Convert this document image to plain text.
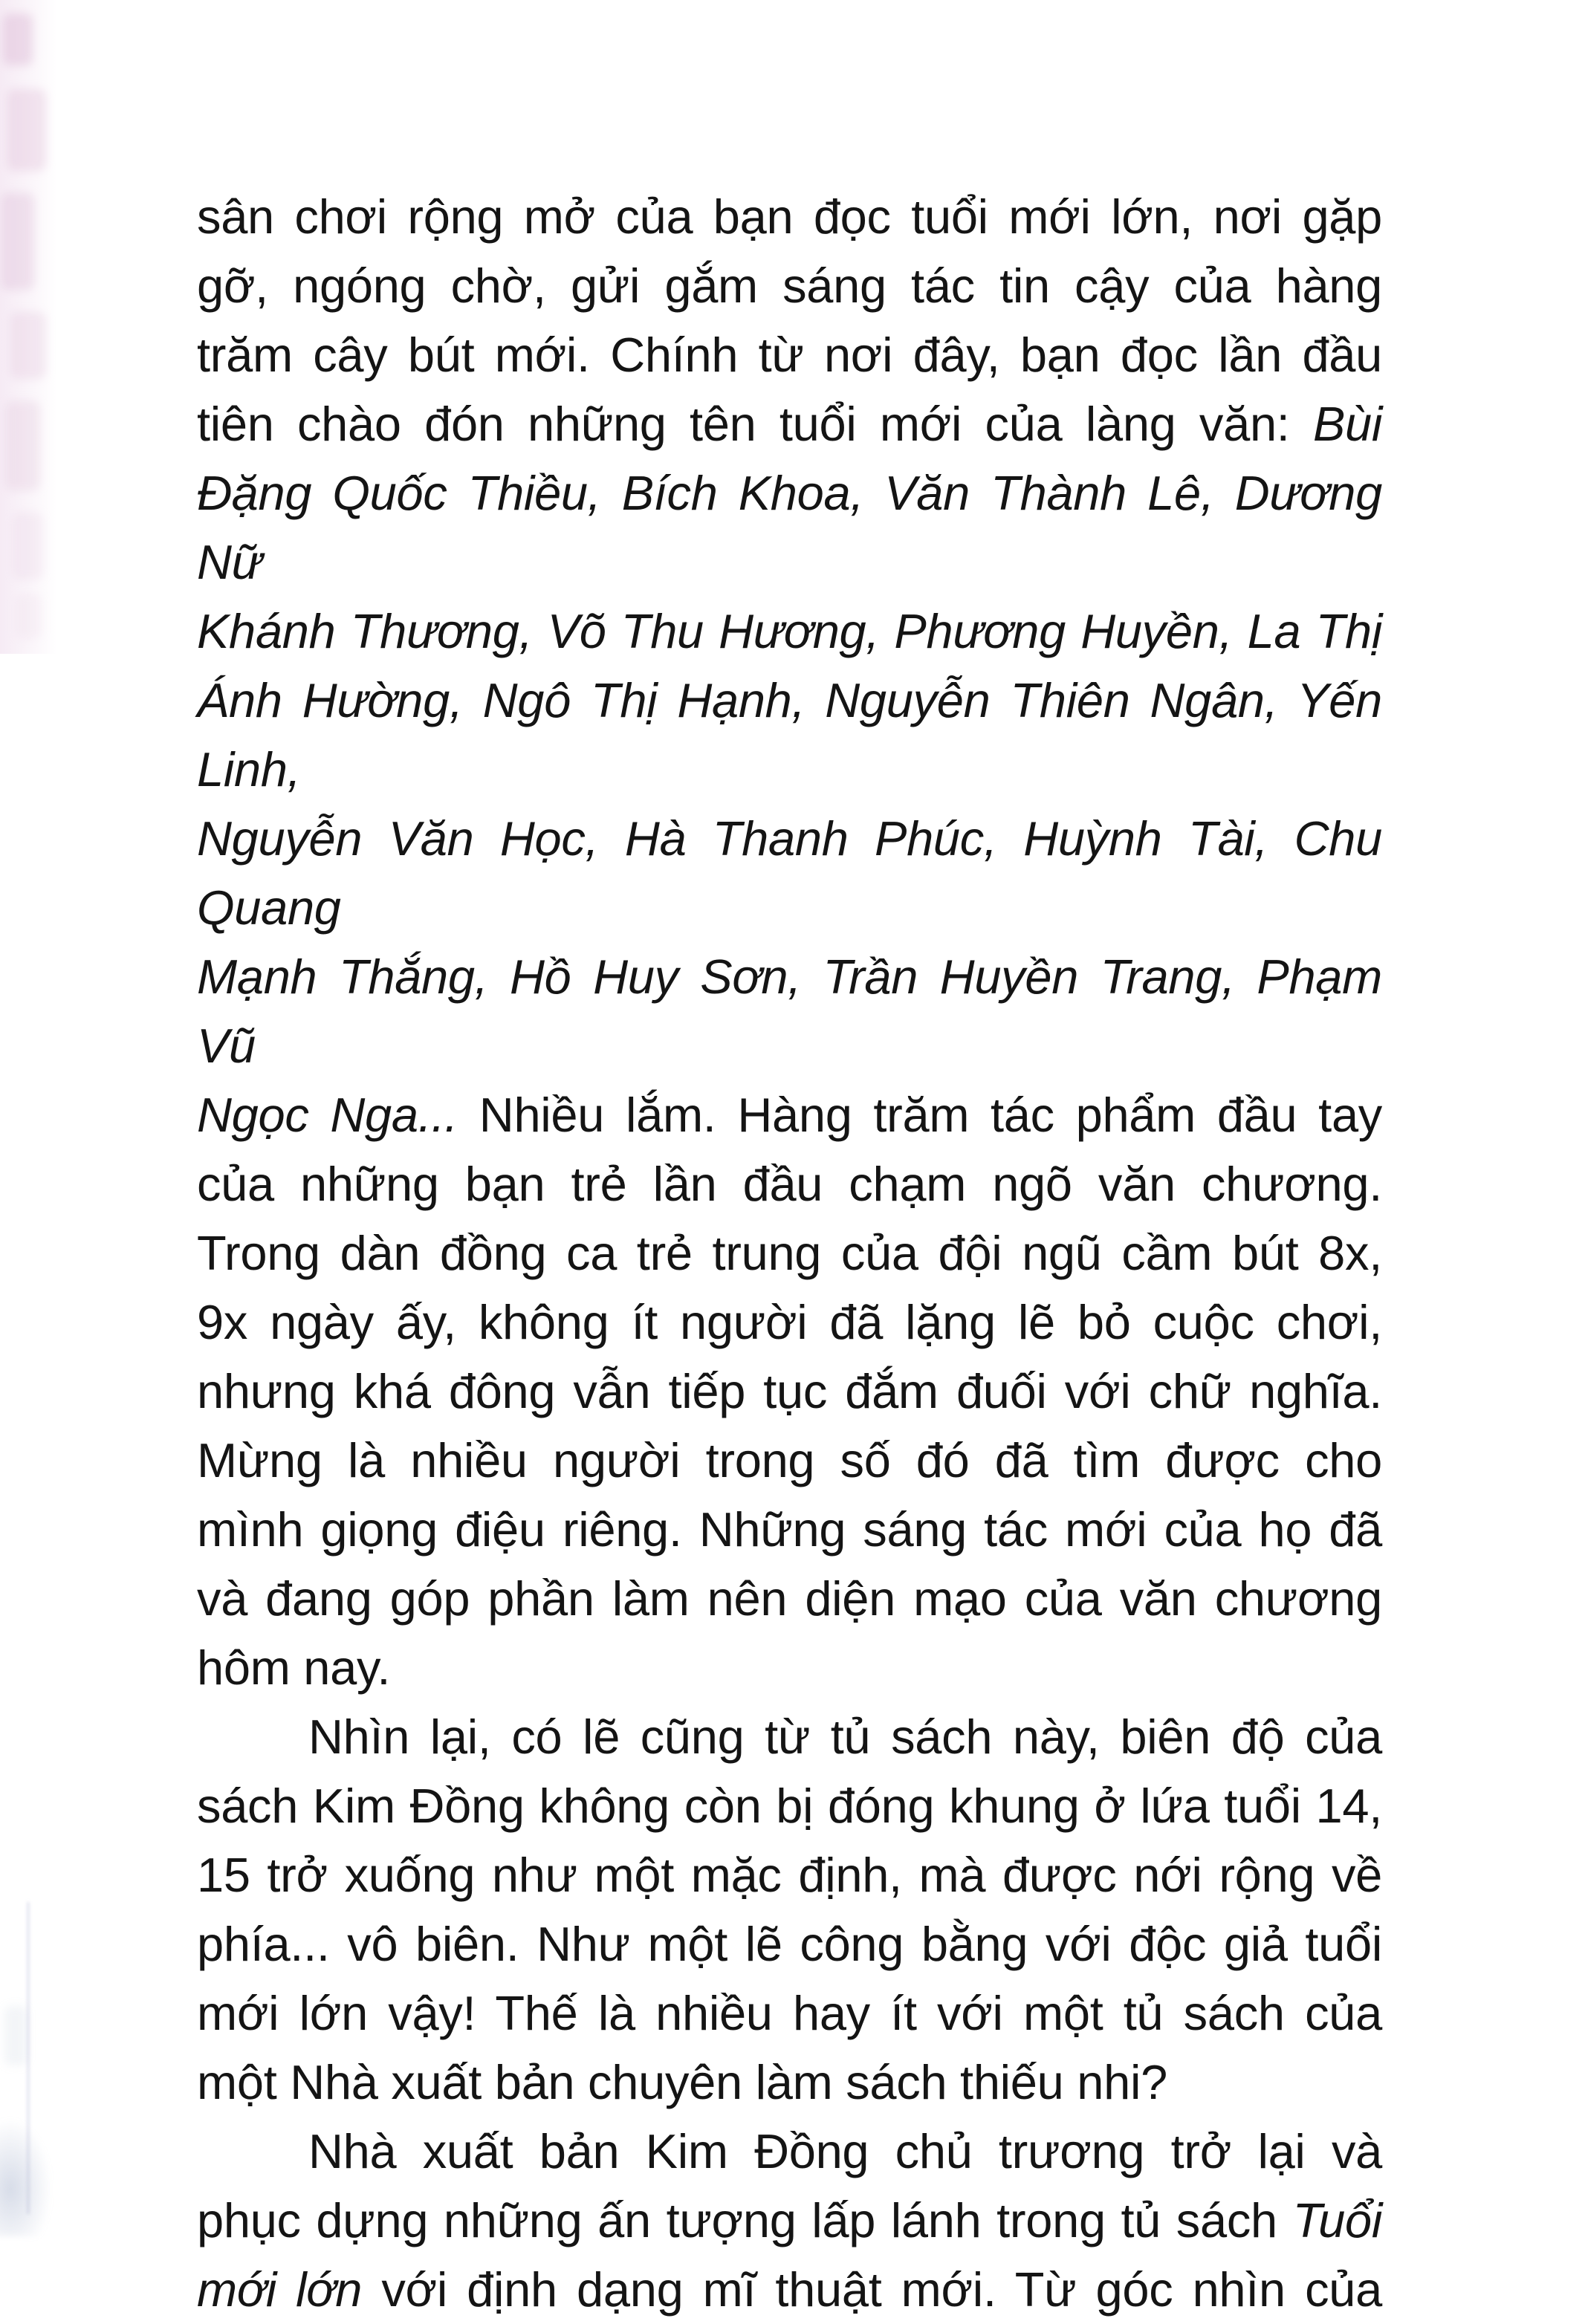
sân chơi rộng mở của bạn đọc tuổi mới lớn, nơi gặp
gỡ, ngóng chờ, gửi gắm sáng tác tin cậy của hàng
trăm cây bút mới. Chính từ nơi đây, bạn đọc lần đầu
tiên chào đón những tên tuổi mới của làng văn: Bùi
Đặng Quốc Thiều, Bích Khoa, Văn Thành Lê, Dương Nữ
Khánh Thương, Võ Thu Hương, Phương Huyền, La Thị
Ánh Hường, Ngô Thị Hạnh, Nguyễn Thiên Ngân, Yến Linh,
Nguyễn Văn Học, Hà Thanh Phúc, Huỳnh Tài, Chu Quang
Mạnh Thắng, Hồ Huy Sơn, Trần Huyền Trang, Phạm Vũ
Ngọc Nga... Nhiều lắm. Hàng trăm tác phẩm đầu tay
của những bạn trẻ lần đầu chạm ngõ văn chương.
Trong dàn đồng ca trẻ trung của đội ngũ cầm bút 8x,
9x ngày ấy, không ít người đã lặng lẽ bỏ cuộc chơi,
nhưng khá đông vẫn tiếp tục đắm đuối với chữ nghĩa.
Mừng là nhiều người trong số đó đã tìm được cho
mình giọng điệu riêng. Những sáng tác mới của họ đã
và đang góp phần làm nên diện mạo của văn chương
hôm nay.
Nhìn lại, có lẽ cũng từ tủ sách này, biên độ của
sách Kim Đồng không còn bị đóng khung ở lứa tuổi 14,
15 trở xuống như một mặc định, mà được nới rộng về
phía... vô biên. Như một lẽ công bằng với độc giả tuổi
mới lớn vậy! Thế là nhiều hay ít với một tủ sách của
một Nhà xuất bản chuyên làm sách thiếu nhi?
Nhà xuất bản Kim Đồng chủ trương trở lại và
phục dựng những ấn tượng lấp lánh trong tủ sách Tuổi
mới lớn với định dạng mĩ thuật mới. Từ góc nhìn của
